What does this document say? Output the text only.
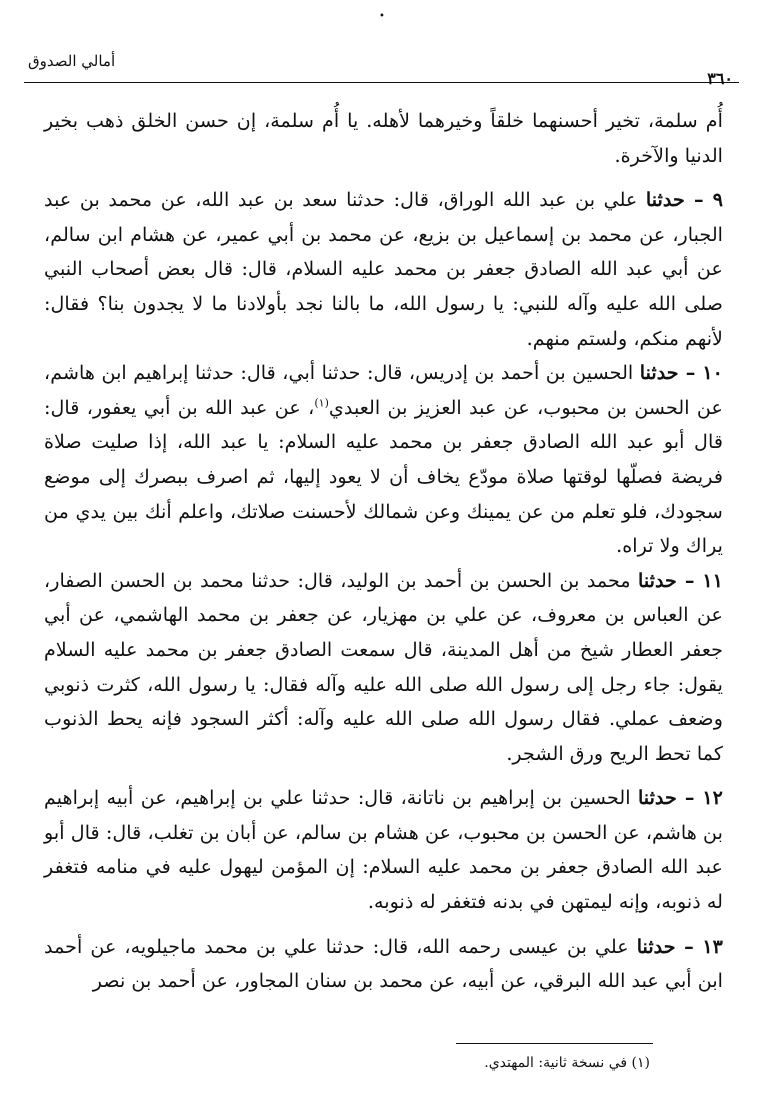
•
أمالي الصدوق
٣٦٠

أُم سلمة، تخير أحسنهما خلقاً وخيرهما لأهله. يا أُم سلمة، إن حسن الخلق ذهب بخير الدنيا والآخرة.

٩ – حدثنا علي بن عبد الله الوراق، قال: حدثنا سعد بن عبد الله، عن محمد بن عبد الجبار، عن محمد بن إسماعيل بن بزيع، عن محمد بن أبي عمير، عن هشام ابن سالم، عن أبي عبد الله الصادق جعفر بن محمد عليه السلام، قال: قال بعض أصحاب النبي صلى الله عليه وآله للنبي: يا رسول الله، ما بالنا نجد بأولادنا ما لا يجدون بنا؟ فقال: لأنهم منكم، ولستم منهم.

١٠ – حدثنا الحسين بن أحمد بن إدريس، قال: حدثنا أبي، قال: حدثنا إبراهيم ابن هاشم، عن الحسن بن محبوب، عن عبد العزيز بن العبدي$^{(١)}$، عن عبد الله بن أبي يعفور، قال: قال أبو عبد الله الصادق جعفر بن محمد عليه السلام: يا عبد الله، إذا صليت صلاة فريضة فصلّها لوقتها صلاة مودّع يخاف أن لا يعود إليها، ثم اصرف ببصرك إلى موضع سجودك، فلو تعلم من عن يمينك وعن شمالك لأحسنت صلاتك، واعلم أنك بين يدي من يراك ولا تراه.

١١ – حدثنا محمد بن الحسن بن أحمد بن الوليد، قال: حدثنا محمد بن الحسن الصفار، عن العباس بن معروف، عن علي بن مهزيار، عن جعفر بن محمد الهاشمي، عن أبي جعفر العطار شيخ من أهل المدينة، قال سمعت الصادق جعفر بن محمد عليه السلام يقول: جاء رجل إلى رسول الله صلى الله عليه وآله فقال: يا رسول الله، كثرت ذنوبي وضعف عملي. فقال رسول الله صلى الله عليه وآله: أكثر السجود فإنه يحط الذنوب كما تحط الريح ورق الشجر.

١٢ – حدثنا الحسين بن إبراهيم بن ناتانة، قال: حدثنا علي بن إبراهيم، عن أبيه إبراهيم بن هاشم، عن الحسن بن محبوب، عن هشام بن سالم، عن أبان بن تغلب، قال: قال أبو عبد الله الصادق جعفر بن محمد عليه السلام: إن المؤمن ليهول عليه في منامه فتغفر له ذنوبه، وإنه ليمتهن في بدنه فتغفر له ذنوبه.

١٣ – حدثنا علي بن عيسى رحمه الله، قال: حدثنا علي بن محمد ماجيلويه، عن أحمد ابن أبي عبد الله البرقي، عن أبيه، عن محمد بن سنان المجاور، عن أحمد بن نصر

(١) في نسخة ثانية: المهتدي.
